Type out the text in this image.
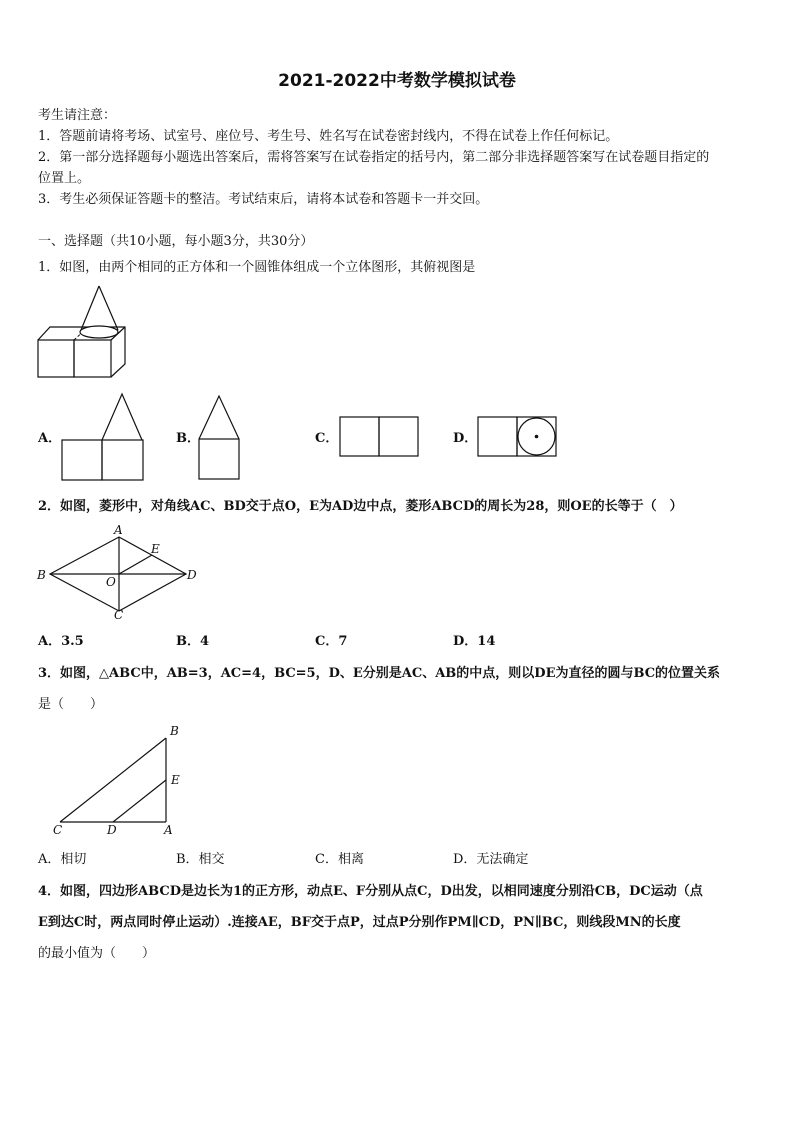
2021-2022中考数学模拟试卷
考生请注意：
1．答题前请将考场、试室号、座位号、考生号、姓名写在试卷密封线内，不得在试卷上作任何标记。
2．第一部分选择题每小题选出答案后，需将答案写在试卷指定的括号内，第二部分非选择题答案写在试卷题目指定的
位置上。
3．考生必须保证答题卡的整洁。考试结束后，请将本试卷和答题卡一并交回。
一、选择题（共10小题，每小题3分，共30分）
1．如图，由两个相同的正方体和一个圆锥体组成一个立体图形，其俯视图是
A．	B．	C．	D．
2．如图，菱形中，对角线AC、BD交于点O，E为AD边中点，菱形ABCD的周长为28，则OE的长等于（　）
A
B
C
D
E
O
A．3.5	B．4	C．7	D．14
3．如图，△ABC中，AB=3，AC=4，BC=5，D、E分别是AC、AB的中点，则以DE为直径的圆与BC的位置关系
是（　　）
B
E
C	D	A
A．相切	B．相交	C．相离	D．无法确定
4．如图，四边形ABCD是边长为1的正方形，动点E、F分别从点C，D出发，以相同速度分别沿CB，DC运动（点
E到达C时，两点同时停止运动）.连接AE，BF交于点P，过点P分别作PM∥CD，PN∥BC，则线段MN的长度
的最小值为（　　）
